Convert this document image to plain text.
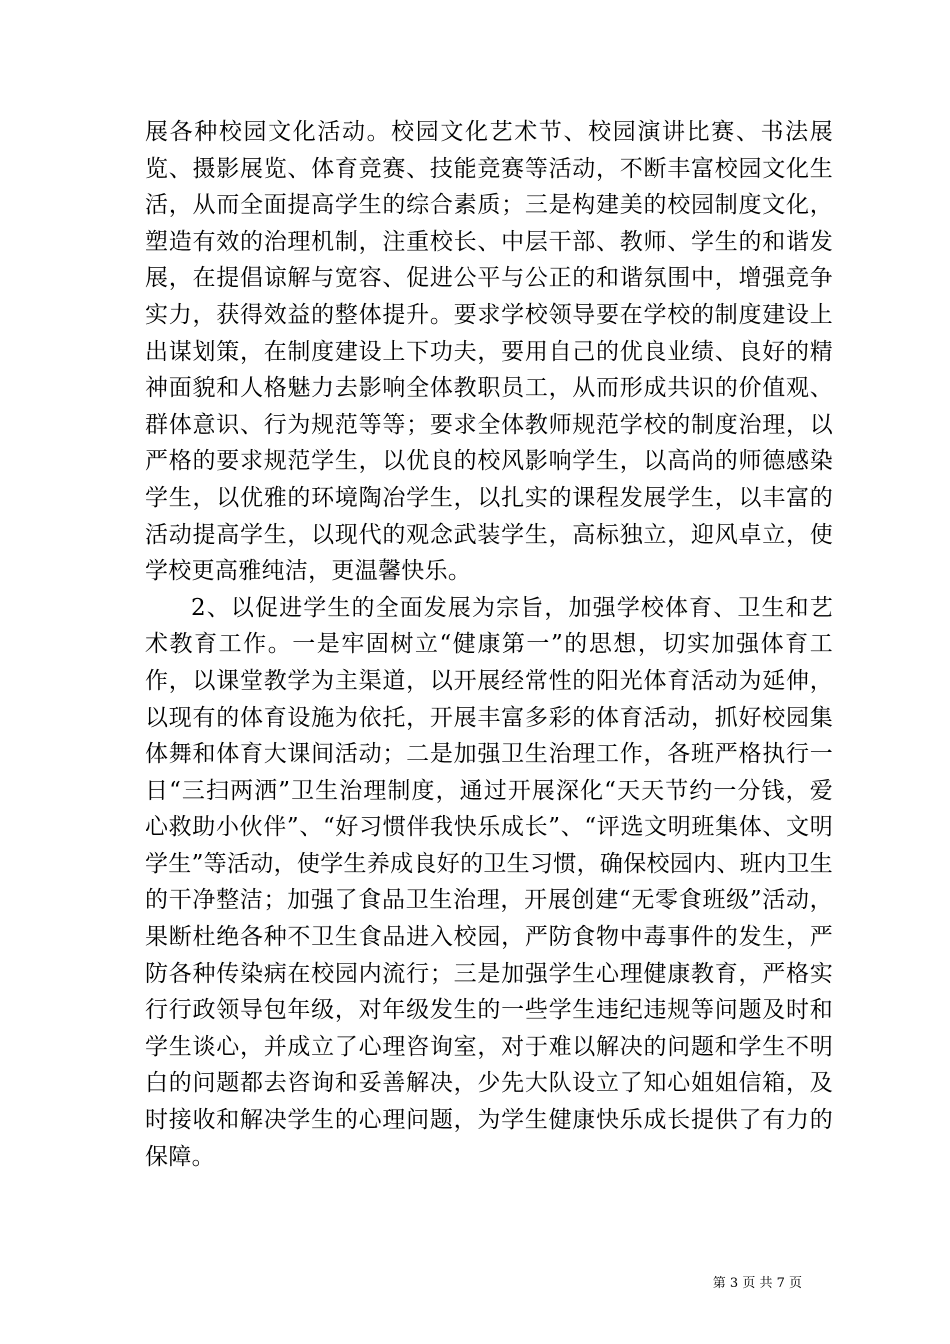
展各种校园文化活动。校园文化艺术节、校园演讲比赛、书法展览、摄影展览、体育竞赛、技能竞赛等活动，不断丰富校园文化生活，从而全面提高学生的综合素质；三是构建美的校园制度文化，塑造有效的治理机制，注重校长、中层干部、教师、学生的和谐发展，在提倡谅解与宽容、促进公平与公正的和谐氛围中，增强竞争实力，获得效益的整体提升。要求学校领导要在学校的制度建设上出谋划策，在制度建设上下功夫，要用自己的优良业绩、良好的精神面貌和人格魅力去影响全体教职员工，从而形成共识的价值观、群体意识、行为规范等等；要求全体教师规范学校的制度治理，以严格的要求规范学生，以优良的校风影响学生，以高尚的师德感染学生，以优雅的环境陶冶学生，以扎实的课程发展学生，以丰富的活动提高学生，以现代的观念武装学生，高标独立，迎风卓立，使学校更高雅纯洁，更温馨快乐。

2、以促进学生的全面发展为宗旨，加强学校体育、卫生和艺术教育工作。一是牢固树立“健康第一”的思想，切实加强体育工作，以课堂教学为主渠道，以开展经常性的阳光体育活动为延伸，以现有的体育设施为依托，开展丰富多彩的体育活动，抓好校园集体舞和体育大课间活动；二是加强卫生治理工作，各班严格执行一日“三扫两洒”卫生治理制度，通过开展深化“天天节约一分钱，爱心救助小伙伴”、“好习惯伴我快乐成长”、“评选文明班集体、文明学生”等活动，使学生养成良好的卫生习惯，确保校园内、班内卫生的干净整洁；加强了食品卫生治理，开展创建“无零食班级”活动，果断杜绝各种不卫生食品进入校园，严防食物中毒事件的发生，严防各种传染病在校园内流行；三是加强学生心理健康教育，严格实行行政领导包年级，对年级发生的一些学生违纪违规等问题及时和学生谈心，并成立了心理咨询室，对于难以解决的问题和学生不明白的问题都去咨询和妥善解决，少先大队设立了知心姐姐信箱，及时接收和解决学生的心理问题，为学生健康快乐成长提供了有力的保障。

第 3 页 共 7 页
